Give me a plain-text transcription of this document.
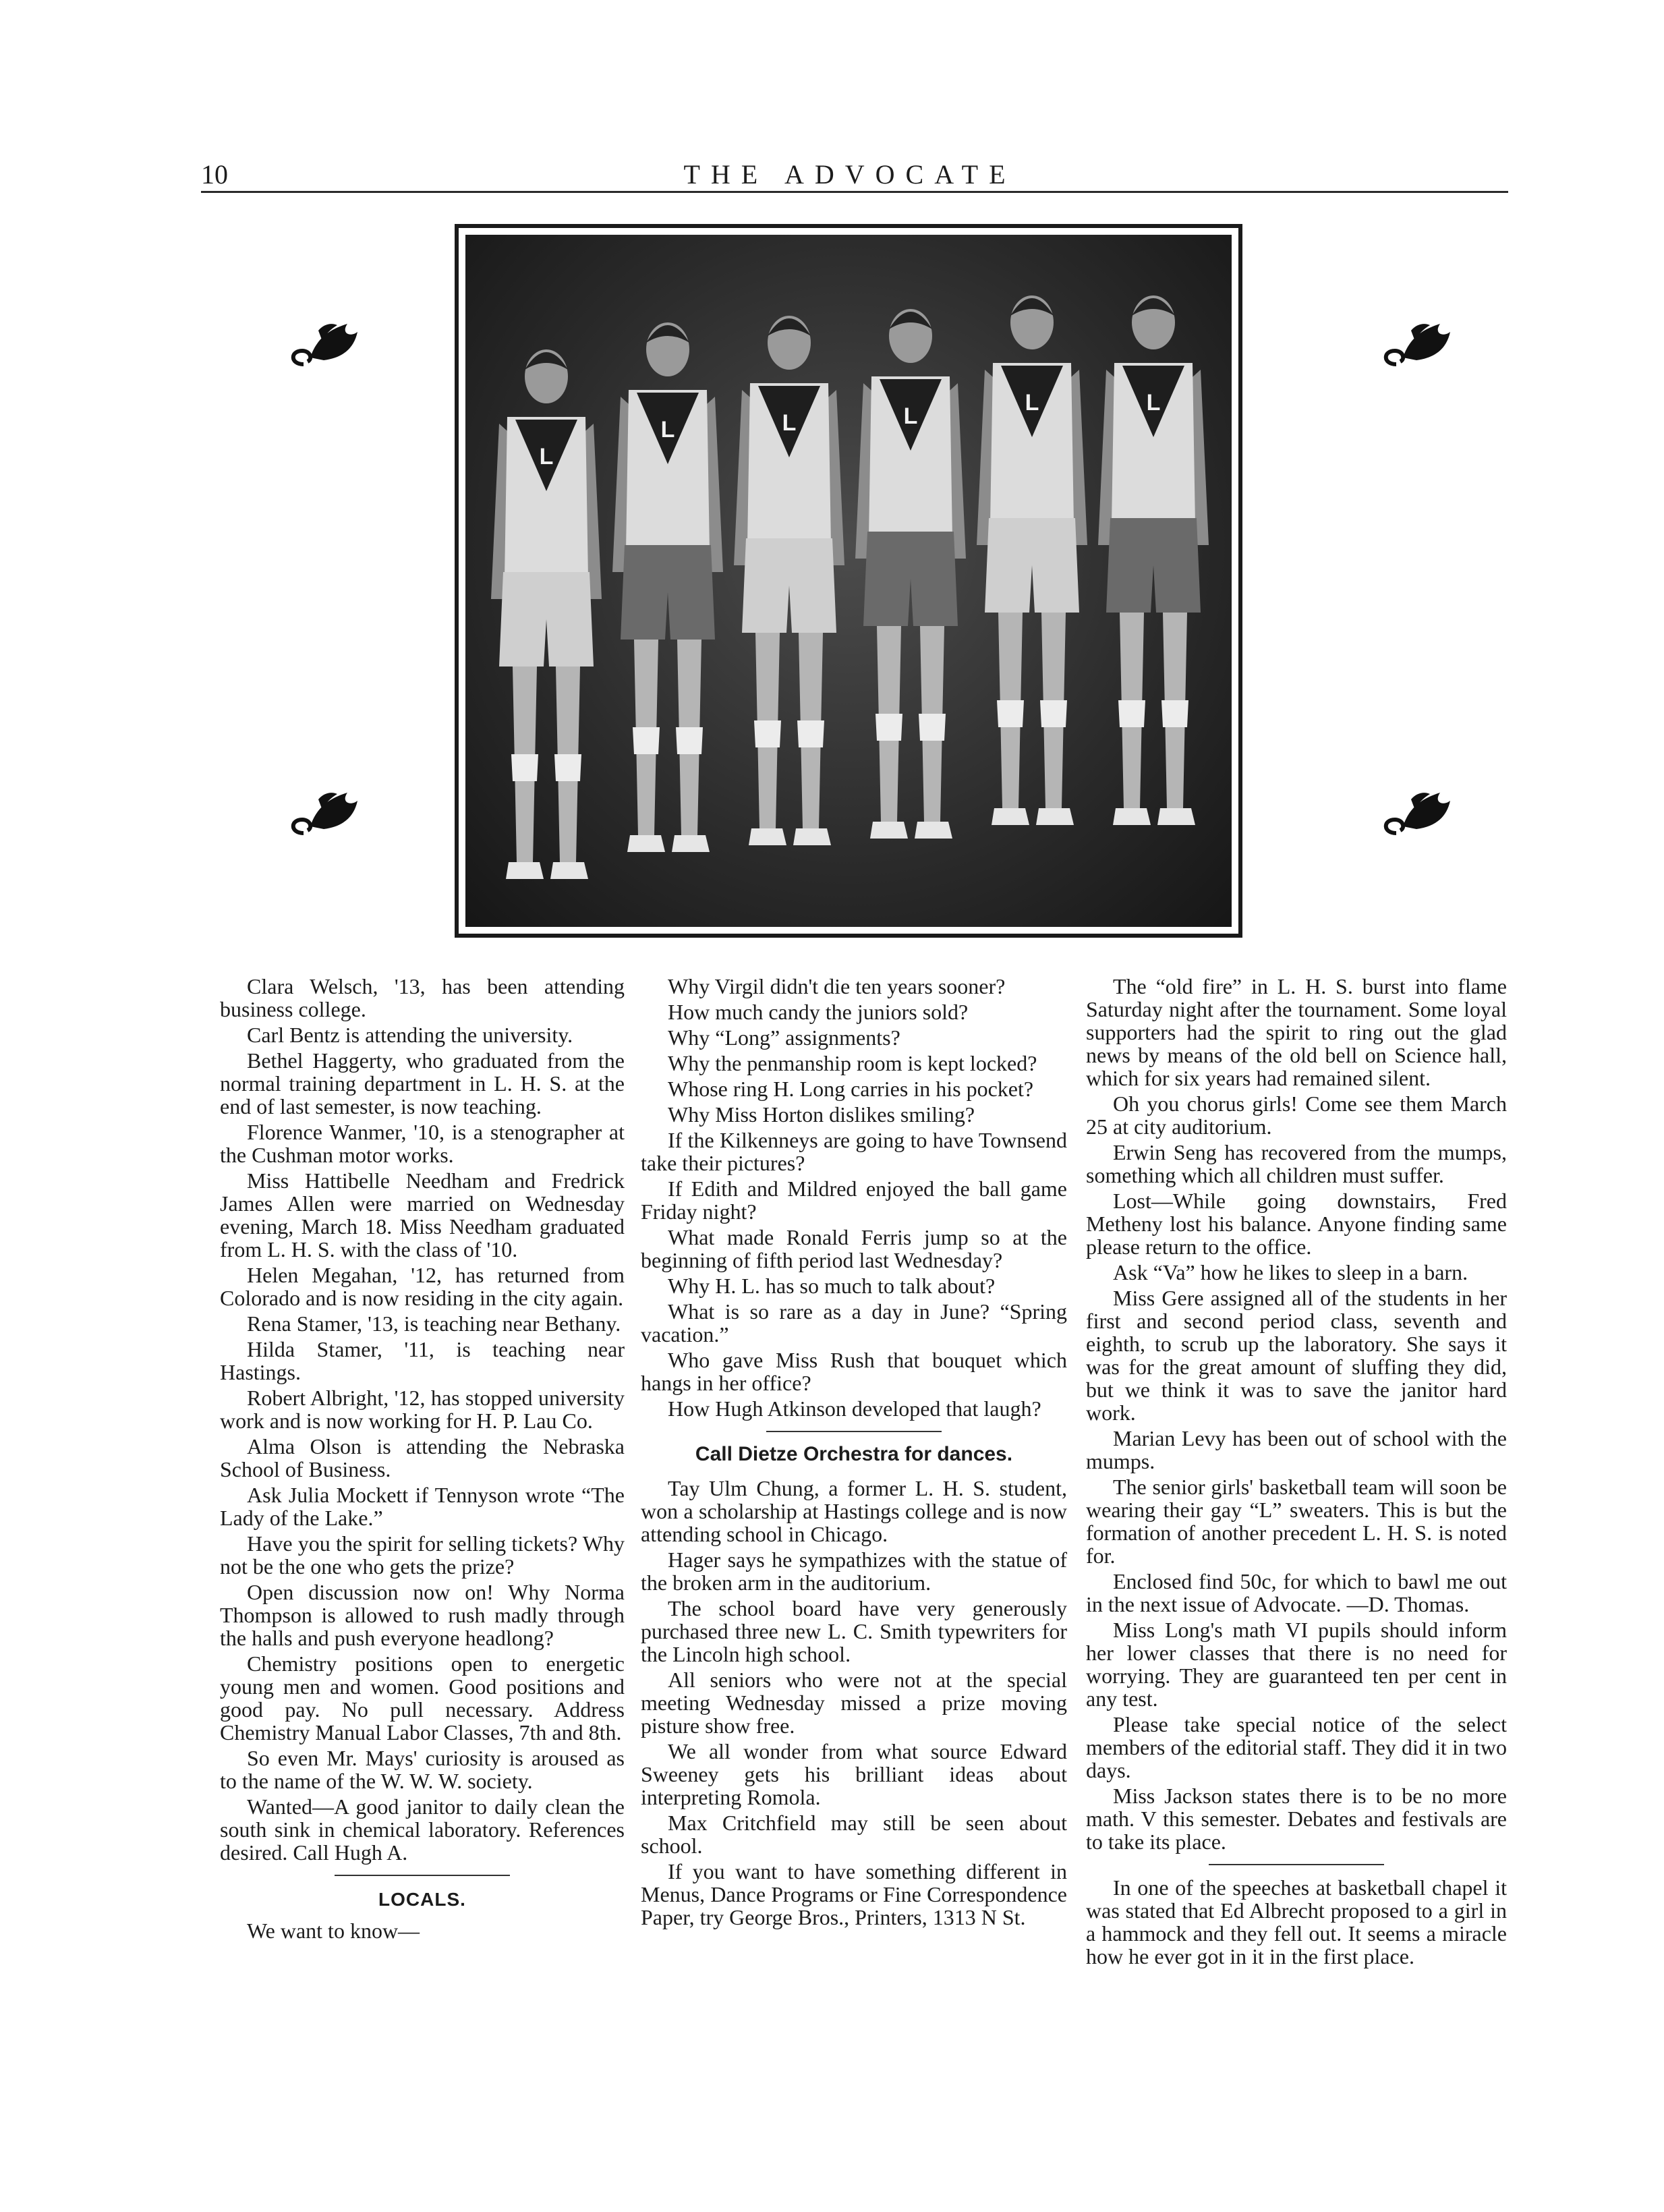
10	THE ADVOCATE
L
L	L	L
L	L

Clara Welsch, '13, has been attending business college.

Carl Bentz is attending the university.

Bethel Haggerty, who graduated from the normal training department in L. H. S. at the end of last semester, is now teaching.

Florence Wanmer, '10, is a stenographer at the Cushman motor works.

Miss Hattibelle Needham and Fredrick James Allen were married on Wednesday evening, March 18. Miss Needham graduated from L. H. S. with the class of '10.

Helen Megahan, '12, has returned from Colorado and is now residing in the city again.

Rena Stamer, '13, is teaching near Bethany.

Hilda Stamer, '11, is teaching near Hastings.

Robert Albright, '12, has stopped university work and is now working for H. P. Lau Co.

Alma Olson is attending the Nebraska School of Business.

Ask Julia Mockett if Tennyson wrote “The Lady of the Lake.”

Have you the spirit for selling tickets? Why not be the one who gets the prize?

Open discussion now on! Why Norma Thompson is allowed to rush madly through the halls and push everyone headlong?

Chemistry positions open to energetic young men and women. Good positions and good pay. No pull necessary. Address Chemistry Manual Labor Classes, 7th and 8th.

So even Mr. Mays' curiosity is aroused as to the name of the W. W. W. society.

Wanted—A good janitor to daily clean the south sink in chemical laboratory. References desired. Call Hugh A.

LOCALS.

We want to know—

Why Virgil didn't die ten years sooner?

How much candy the juniors sold?

Why “Long” assignments?

Why the penmanship room is kept locked?

Whose ring H. Long carries in his pocket?

Why Miss Horton dislikes smiling?

If the Kilkenneys are going to have Townsend take their pictures?

If Edith and Mildred enjoyed the ball game Friday night?

What made Ronald Ferris jump so at the beginning of fifth period last Wednesday?

Why H. L. has so much to talk about?

What is so rare as a day in June? “Spring vacation.”

Who gave Miss Rush that bouquet which hangs in her office?

How Hugh Atkinson developed that laugh?

Call Dietze Orchestra for dances.

Tay Ulm Chung, a former L. H. S. student, won a scholarship at Hastings college and is now attending school in Chicago.

Hager says he sympathizes with the statue of the broken arm in the auditorium.

The school board have very generously purchased three new L. C. Smith typewriters for the Lincoln high school.

All seniors who were not at the special meeting Wednesday missed a prize moving pisture show free.

We all wonder from what source Edward Sweeney gets his brilliant ideas about interpreting Romola.

Max Critchfield may still be seen about school.

If you want to have something different in Menus, Dance Programs or Fine Correspondence Paper, try George Bros., Printers, 1313 N St.

The “old fire” in L. H. S. burst into flame Saturday night after the tournament. Some loyal supporters had the spirit to ring out the glad news by means of the old bell on Science hall, which for six years had remained silent.

Oh you chorus girls! Come see them March 25 at city auditorium.

Erwin Seng has recovered from the mumps, something which all children must suffer.

Lost—While going downstairs, Fred Metheny lost his balance. Anyone finding same please return to the office.

Ask “Va” how he likes to sleep in a barn.

Miss Gere assigned all of the students in her first and second period class, seventh and eighth, to scrub up the laboratory. She says it was for the great amount of sluffing they did, but we think it was to save the janitor hard work.

Marian Levy has been out of school with the mumps.

The senior girls' basketball team will soon be wearing their gay “L” sweaters. This is but the formation of another precedent L. H. S. is noted for.

Enclosed find 50c, for which to bawl me out in the next issue of Advocate. —D. Thomas.

Miss Long's math VI pupils should inform her lower classes that there is no need for worrying. They are guaranteed ten per cent in any test.

Please take special notice of the select members of the editorial staff. They did it in two days.

Miss Jackson states there is to be no more math. V this semester. Debates and festivals are to take its place.

In one of the speeches at basketball chapel it was stated that Ed Albrecht proposed to a girl in a hammock and they fell out. It seems a miracle how he ever got in it in the first place.
